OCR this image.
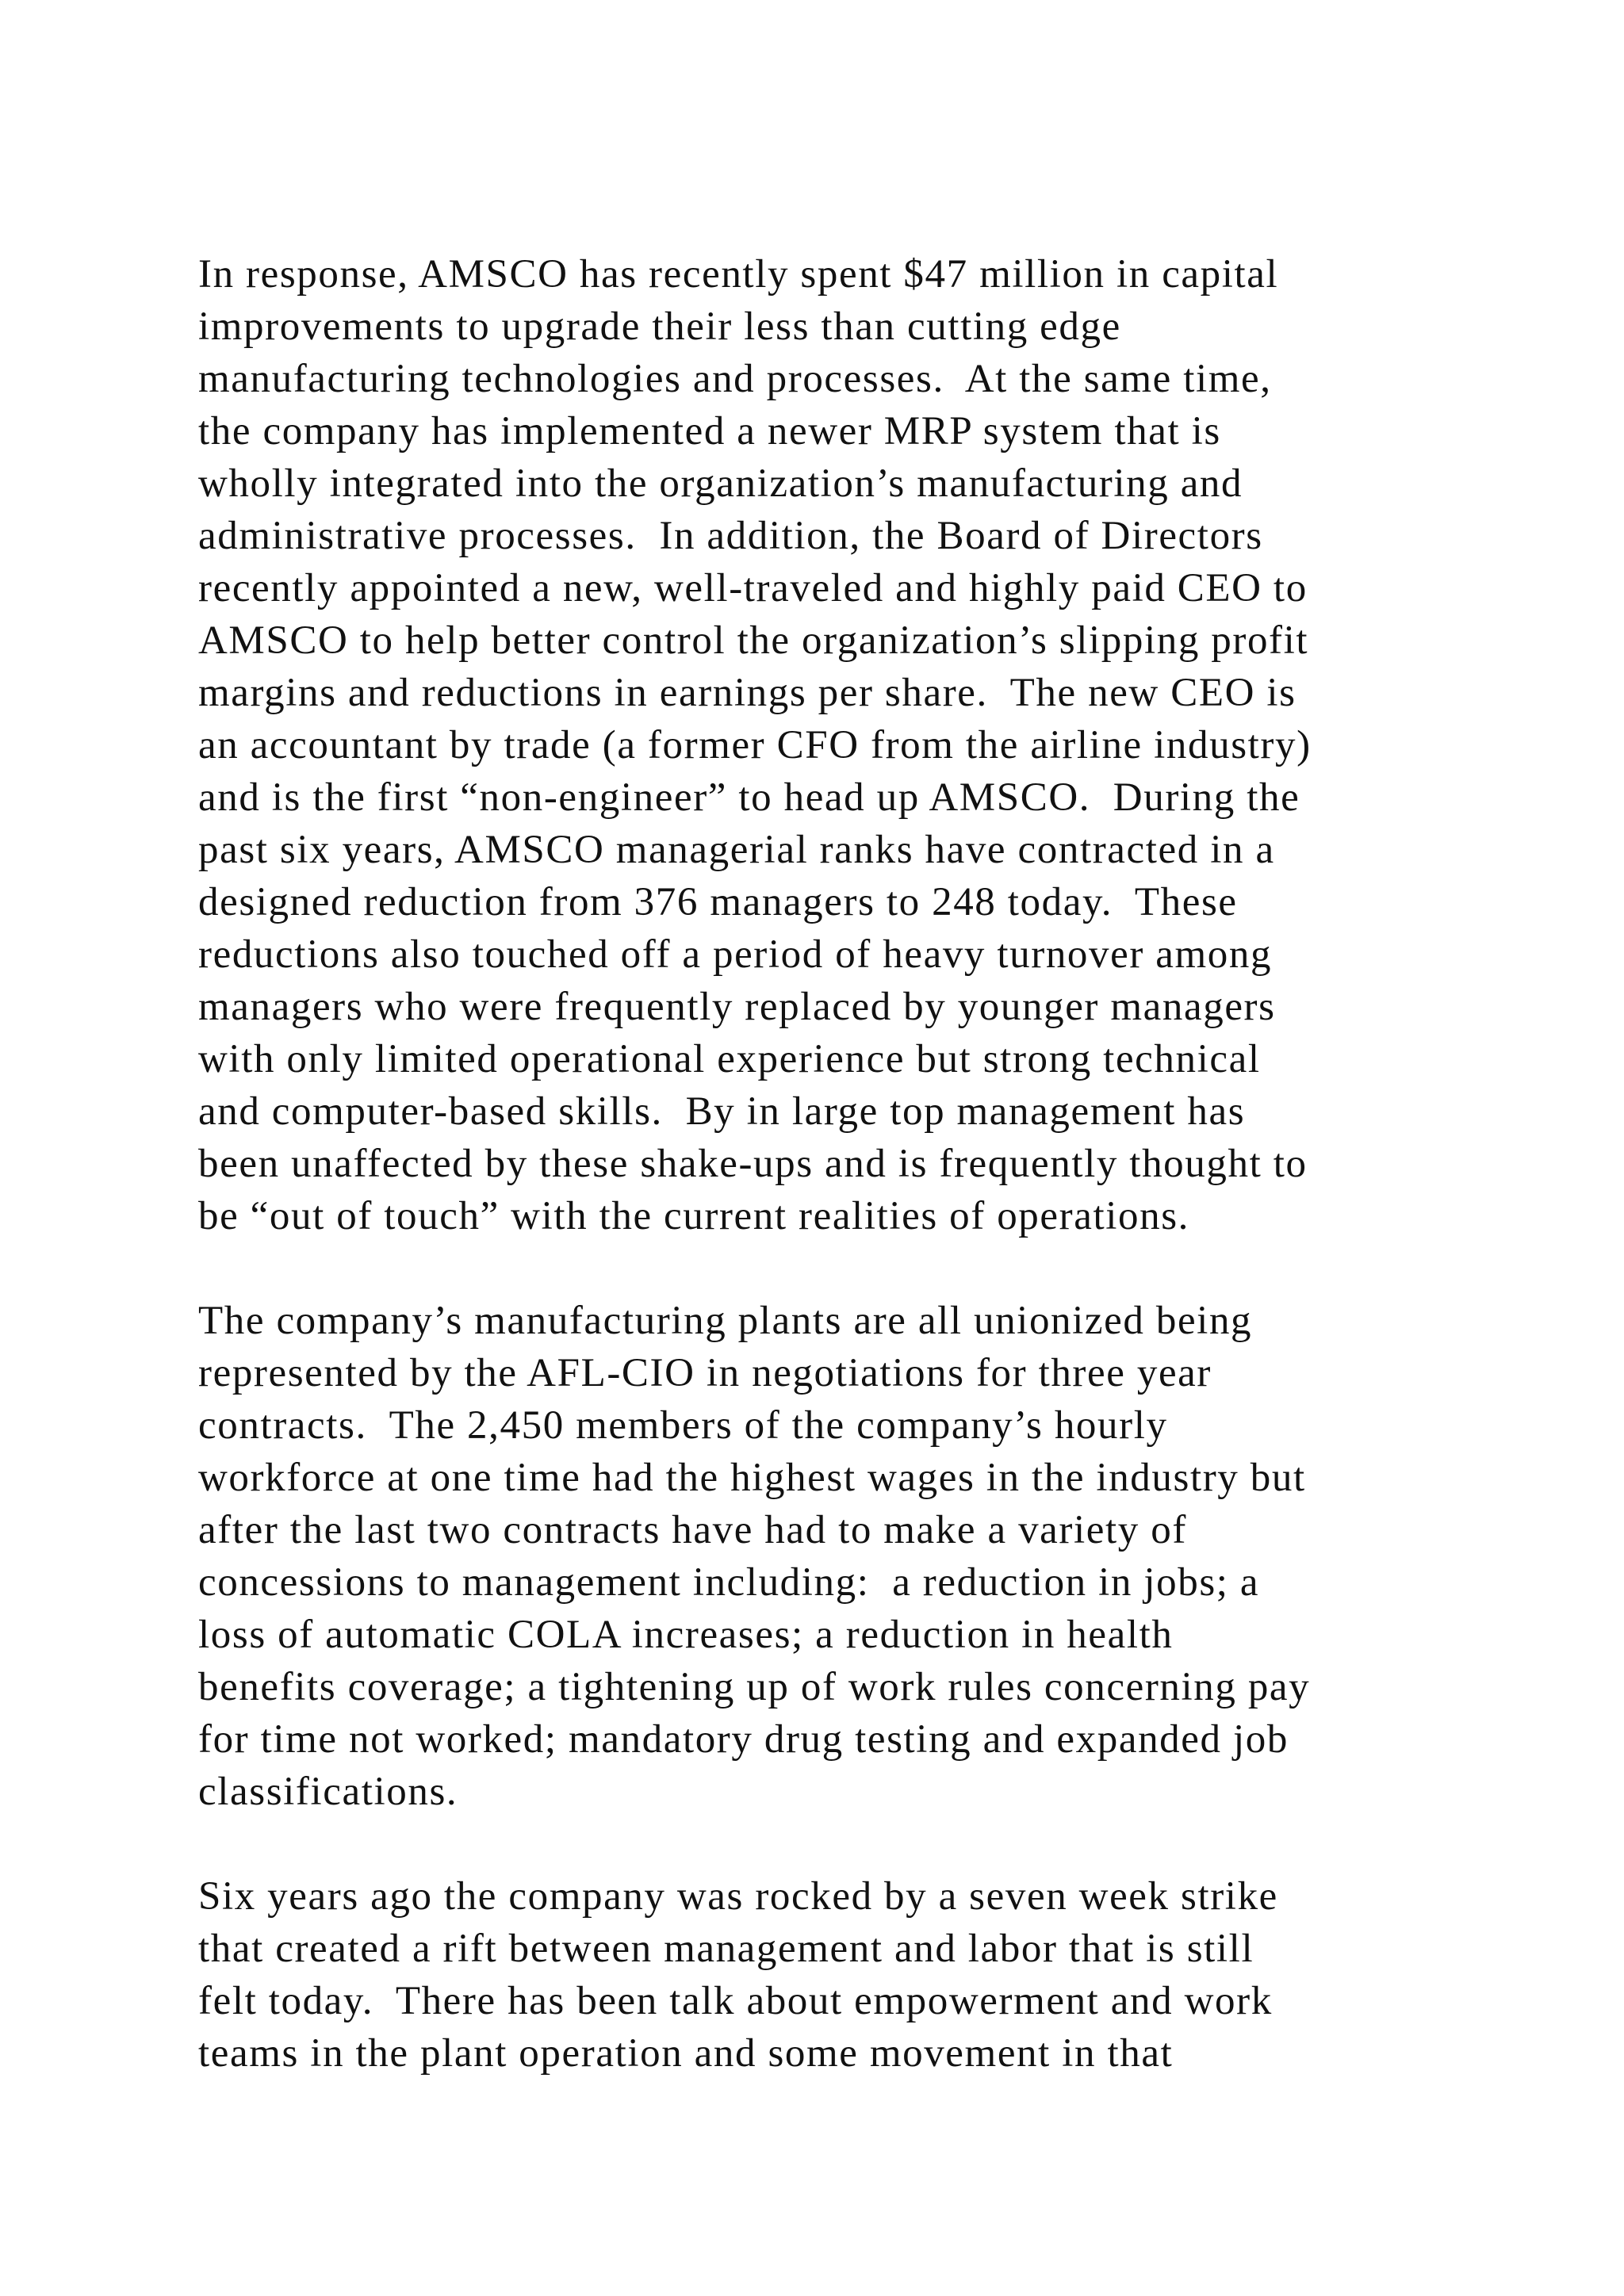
In response, AMSCO has recently spent $47 million in capital
improvements to upgrade their less than cutting edge
manufacturing technologies and processes.  At the same time,
the company has implemented a newer MRP system that is
wholly integrated into the organization’s manufacturing and
administrative processes.  In addition, the Board of Directors
recently appointed a new, well-traveled and highly paid CEO to
AMSCO to help better control the organization’s slipping profit
margins and reductions in earnings per share.  The new CEO is
an accountant by trade (a former CFO from the airline industry)
and is the first “non-engineer” to head up AMSCO.  During the
past six years, AMSCO managerial ranks have contracted in a
designed reduction from 376 managers to 248 today.  These
reductions also touched off a period of heavy turnover among
managers who were frequently replaced by younger managers
with only limited operational experience but strong technical
and computer-based skills.  By in large top management has
been unaffected by these shake-ups and is frequently thought to
be “out of touch” with the current realities of operations.
The company’s manufacturing plants are all unionized being
represented by the AFL-CIO in negotiations for three year
contracts.  The 2,450 members of the company’s hourly
workforce at one time had the highest wages in the industry but
after the last two contracts have had to make a variety of
concessions to management including:  a reduction in jobs; a
loss of automatic COLA increases; a reduction in health
benefits coverage; a tightening up of work rules concerning pay
for time not worked; mandatory drug testing and expanded job
classifications.
Six years ago the company was rocked by a seven week strike
that created a rift between management and labor that is still
felt today.  There has been talk about empowerment and work
teams in the plant operation and some movement in that
